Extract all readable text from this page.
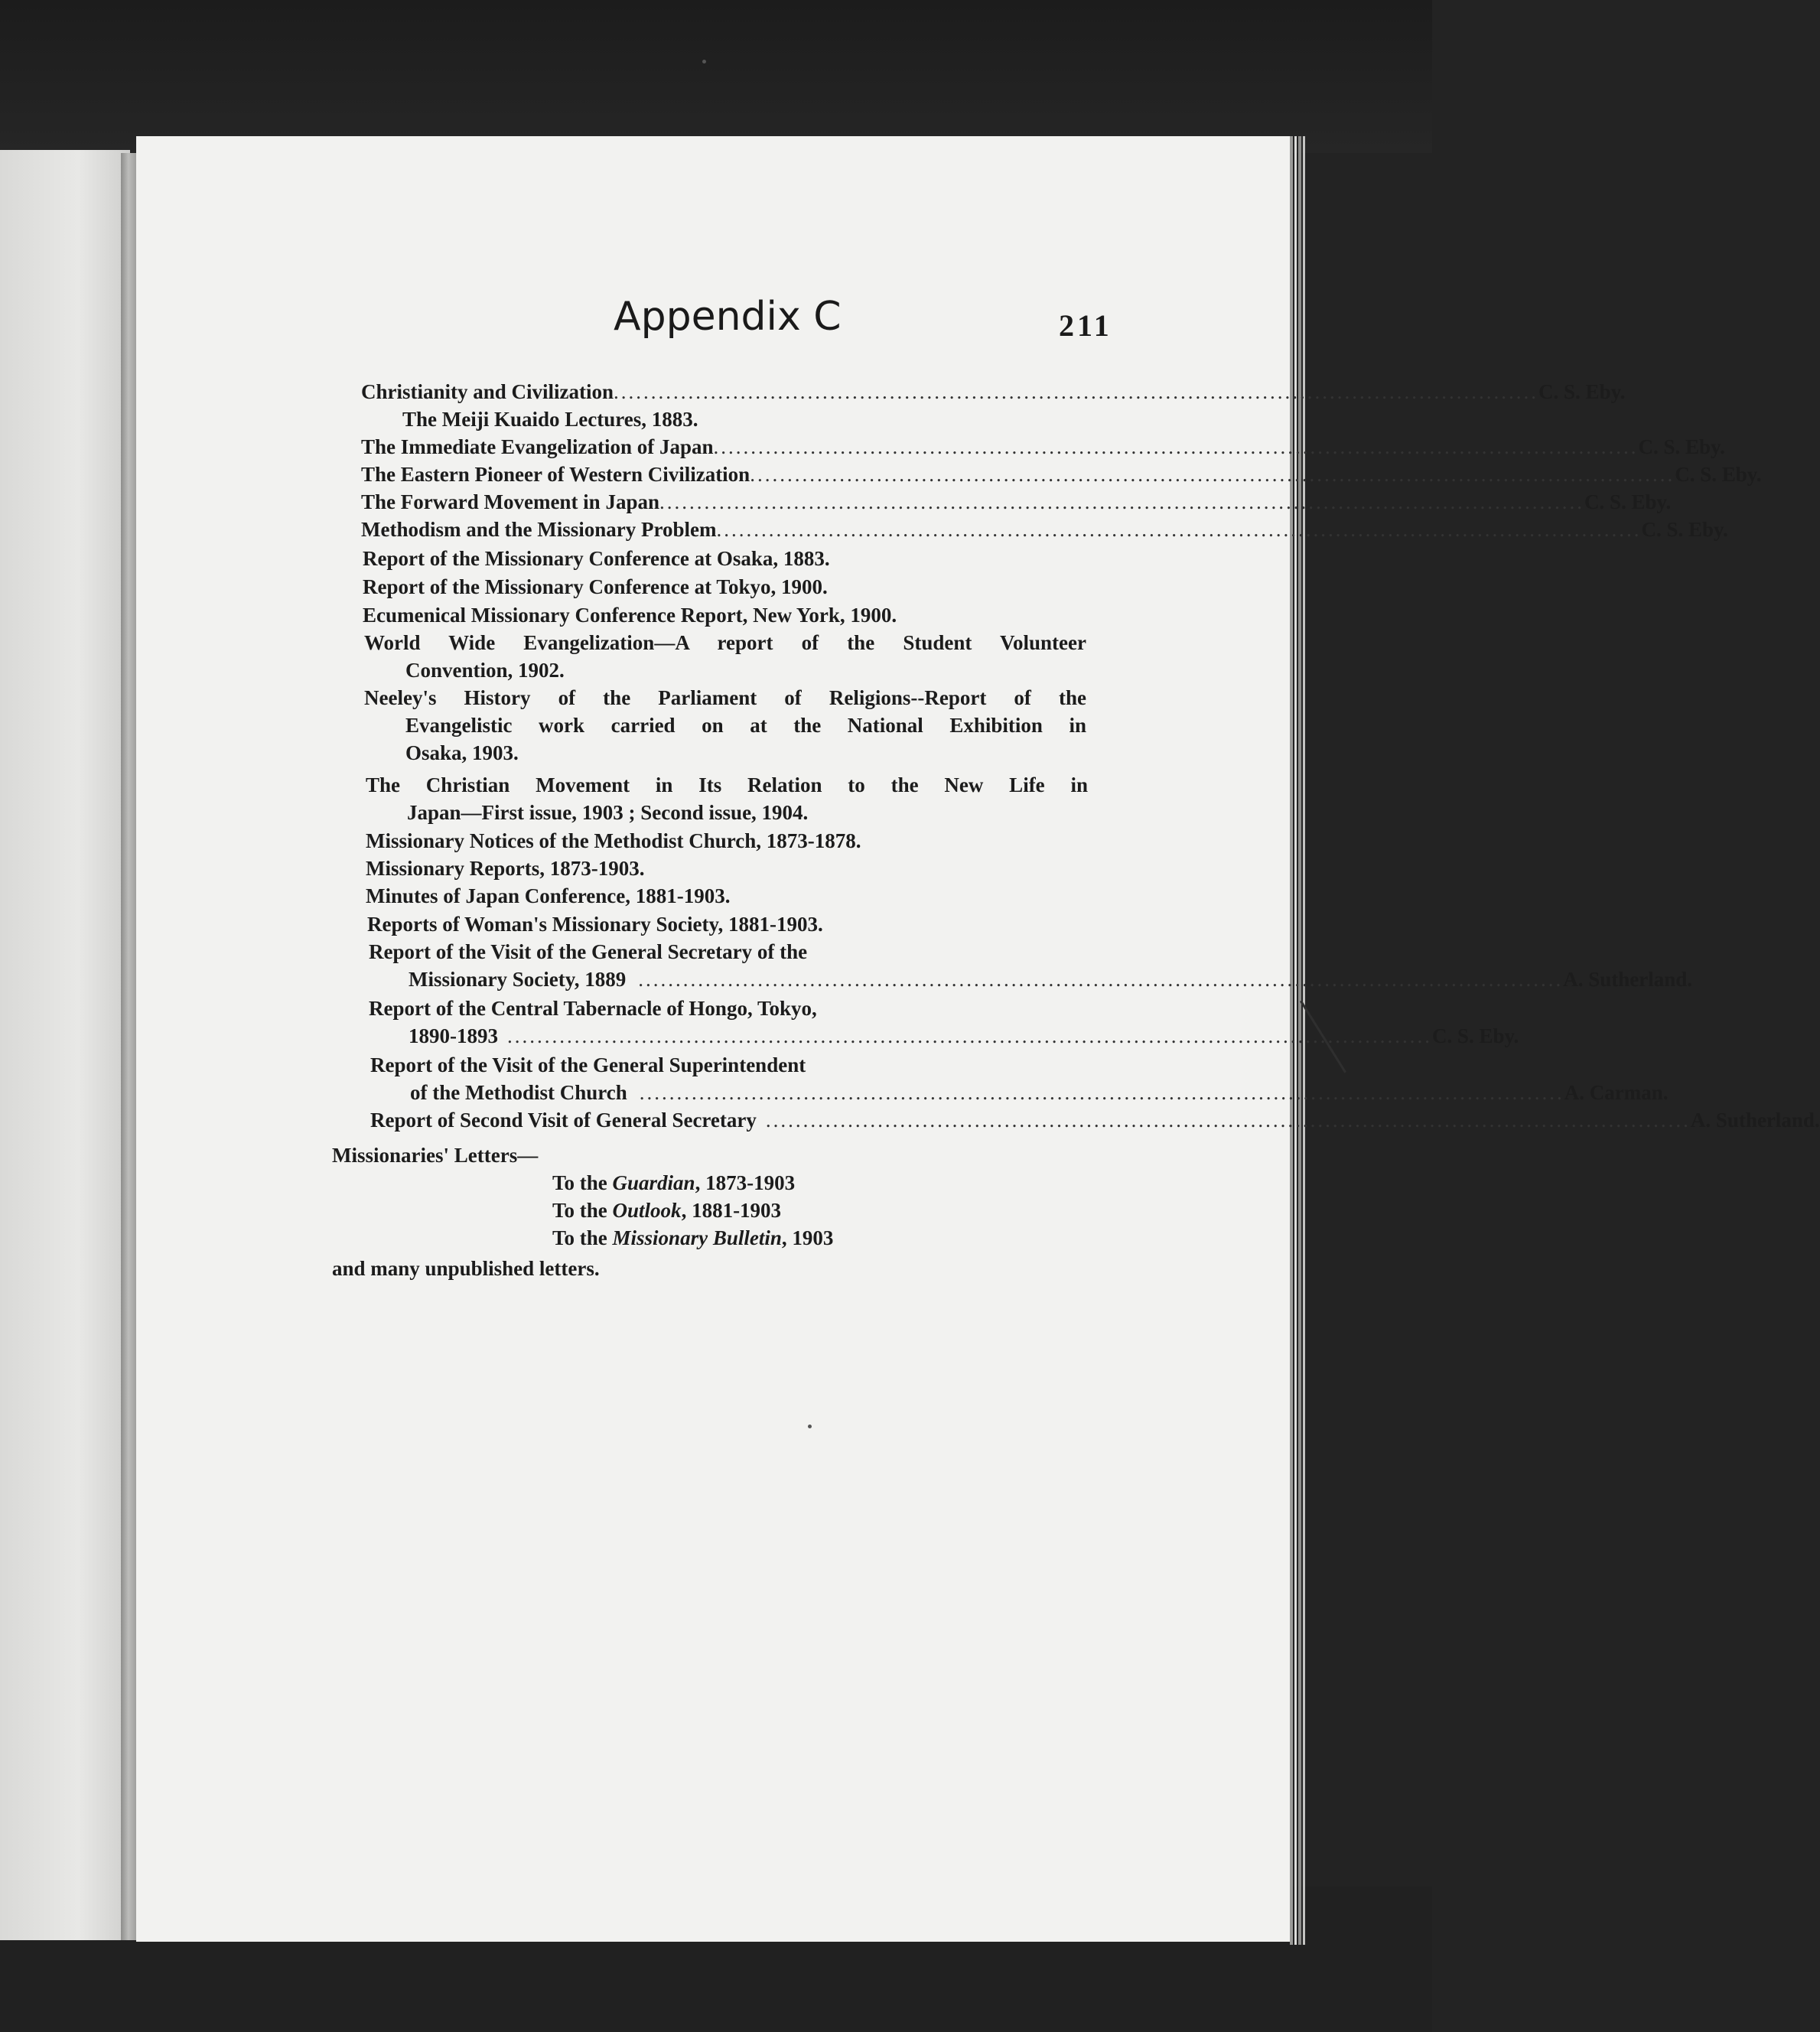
Appendix C	211
Christianity and Civilization ............................................................................................................................ C. S. Eby.
The Meiji Kuaido Lectures, 1883.
The Immediate Evangelization of Japan ............................................................................................................................ C. S. Eby.
The Eastern Pioneer of Western Civilization ............................................................................................................................ C. S. Eby.
The Forward Movement in Japan ............................................................................................................................ C. S. Eby.
Methodism and the Missionary Problem ............................................................................................................................ C. S. Eby.
Report of the Missionary Conference at Osaka, 1883.
Report of the Missionary Conference at Tokyo, 1900.
Ecumenical Missionary Conference Report, New York, 1900.
World Wide Evangelization—A report of the Student Volunteer
Convention, 1902.
Neeley's History of the Parliament of Religions--Report of the
Evangelistic work carried on at the National Exhibition in
Osaka, 1903.
The Christian Movement in Its Relation to the New Life in
Japan—First issue, 1903 ; Second issue, 1904.
Missionary Notices of the Methodist Church, 1873-1878.
Missionary Reports, 1873-1903.
Minutes of Japan Conference, 1881-1903.
Reports of Woman's Missionary Society, 1881-1903.
Report of the Visit of the General Secretary of the
Missionary Society, 1889 ............................................................................................................................ A. Sutherland.
Report of the Central Tabernacle of Hongo, Tokyo,
1890-1893 ............................................................................................................................ C. S. Eby.
Report of the Visit of the General Superintendent
of the Methodist Church ............................................................................................................................ A. Carman.
Report of Second Visit of General Secretary ............................................................................................................................ A. Sutherland.
Missionaries' Letters—
To the Guardian, 1873-1903
To the Outlook, 1881-1903
To the Missionary Bulletin, 1903
and many unpublished letters.
